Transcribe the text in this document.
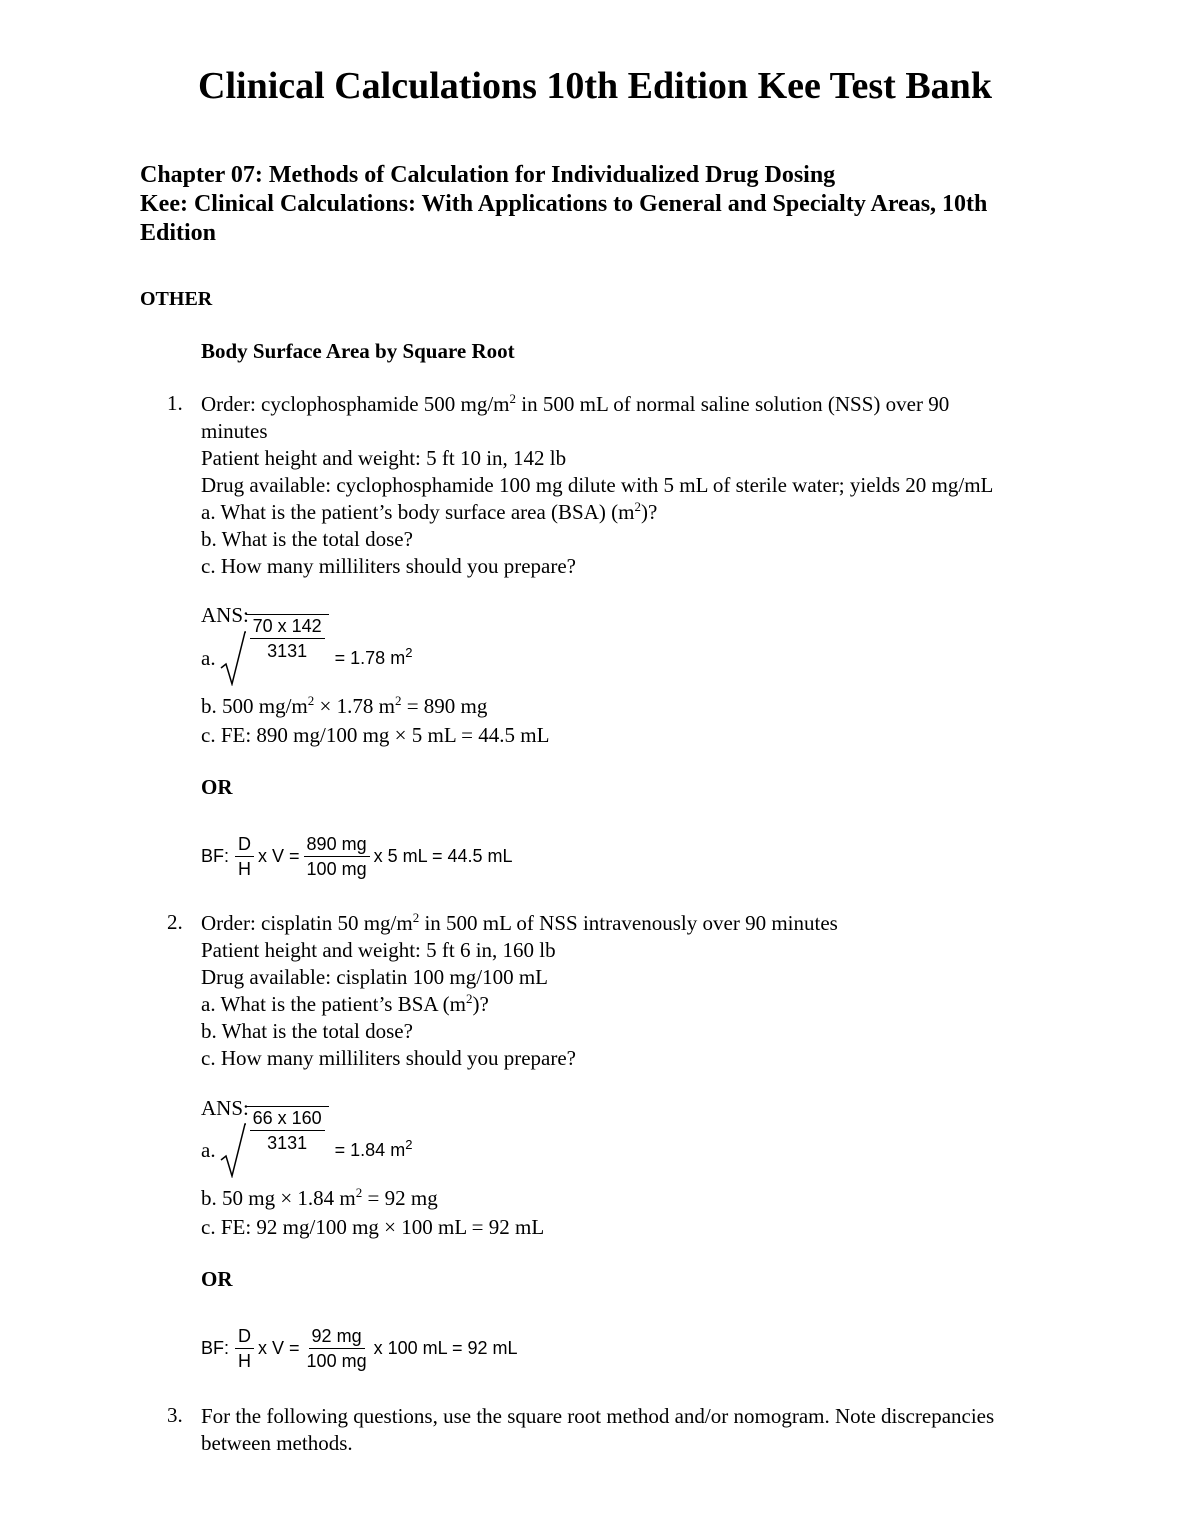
Clinical Calculations 10th Edition Kee Test Bank
Chapter 07: Methods of Calculation for Individualized Drug Dosing
Kee: Clinical Calculations: With Applications to General and Specialty Areas, 10th
Edition
OTHER
Body Surface Area by Square Root
1. Order: cyclophosphamide 500 $mg/m^2$ in 500 mL of normal saline solution (NSS) over 90
minutes
Patient height and weight: 5 ft 10 in, 142 lb
Drug available: cyclophosphamide 100 mg dilute with 5 mL of sterile water; yields 20 mg/mL
a. What is the patient’s body surface area (BSA) $(m^2)$?
b. What is the total dose?
c. How many milliliters should you prepare?
ANS:
a. $\frac{70 x 142}{3131} = 1.78$ $m^2$
b. 500 $mg/m^2 \times 1.78$ $m^2 = 890$ mg
c. FE: 890 mg/100 mg × 5 mL = 44.5 mL
OR
BF: $\frac{D}{H}$ x $V = \frac{890 mg}{100 mg}$ x 5 mL = 44.5 mL
2. Order: cisplatin 50 $mg/m^2$ in 500 mL of NSS intravenously over 90 minutes
Patient height and weight: 5 ft 6 in, 160 lb
Drug available: cisplatin 100 mg/100 mL
a. What is the patient’s BSA $(m^2)$?
b. What is the total dose?
c. How many milliliters should you prepare?
ANS:
a. $\frac{66 x 160}{3131} = 1.84$ $m^2$
b. 50 mg × 1.84 $m^2 = 92$ mg
c. FE: 92 mg/100 mg × 100 mL = 92 mL
OR
BF: $\frac{D}{H}$ x $V = \frac{92 mg}{100 mg}$ x 100 mL = 92 mL
3. For the following questions, use the square root method and/or nomogram. Note discrepancies
between methods.
